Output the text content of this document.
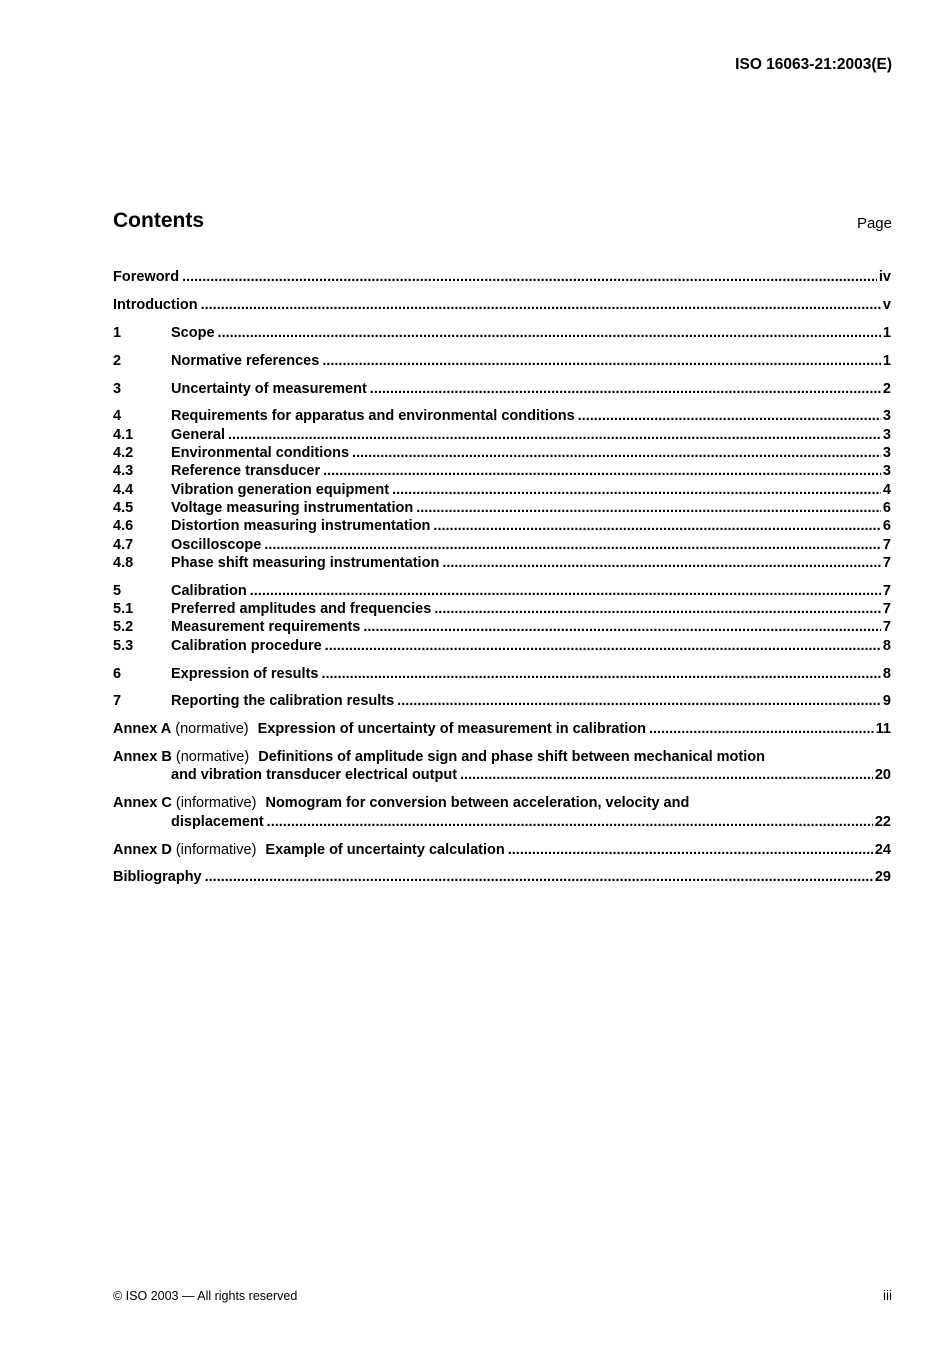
ISO 16063-21:2003(E)
Contents	Page
Foreword .....	iv
Introduction .....	v
1	Scope .....	1
2	Normative references .....	1
3	Uncertainty of measurement .....	2
4	Requirements for apparatus and environmental conditions .....	3
4.1	General .....	3
4.2	Environmental conditions .....	3
4.3	Reference transducer .....	3
4.4	Vibration generation equipment .....	4
4.5	Voltage measuring instrumentation .....	6
4.6	Distortion measuring instrumentation .....	6
4.7	Oscilloscope .....	7
4.8	Phase shift measuring instrumentation .....	7
5	Calibration .....	7
5.1	Preferred amplitudes and frequencies .....	7
5.2	Measurement requirements .....	7
5.3	Calibration procedure .....	8
6	Expression of results .....	8
7	Reporting the calibration results .....	9
Annex A (normative) Expression of uncertainty of measurement in calibration .....	11
Annex B (normative) Definitions of amplitude sign and phase shift between mechanical motion
and vibration transducer electrical output .....	20
Annex C (informative) Nomogram for conversion between acceleration, velocity and
displacement .....	22
Annex D (informative) Example of uncertainty calculation .....	24
Bibliography .....	29
© ISO 2003 — All rights reserved	iii
